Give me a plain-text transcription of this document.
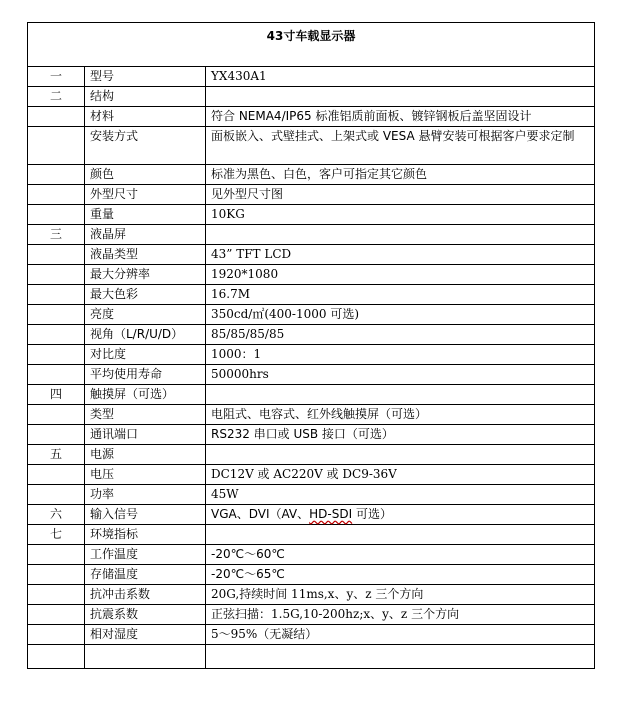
43寸车载显示器		
一	型号	YX430A1
二	结构	
	材料	符合 NEMA4/IP65 标准铝质前面板、镀锌钢板后盖坚固设计
	安装方式	面板嵌入、式壁挂式、上架式或 VESA 悬臂安装可根据客户要求定制
	颜色	标准为黑色、白色，客户可指定其它颜色
	外型尺寸	见外型尺寸图
	重量	10KG
三	液晶屏	
	液晶类型	43” TFT LCD
	最大分辨率	1920*1080
	最大色彩	16.7M
	亮度	350cd/㎡(400-1000 可选)
	视角（L/R/U/D）	85/85/85/85
	对比度	1000：1
	平均使用寿命	50000hrs
四	触摸屏（可选）	
	类型	电阻式、电容式、红外线触摸屏（可选）
	通讯端口	RS232 串口或 USB 接口（可选）
五	电源	
	电压	DC12V 或 AC220V 或 DC9-36V
	功率	45W
六	输入信号	VGA、DVI（AV、HD-SDI 可选）
七	环境指标	
	工作温度	-20℃～60℃
	存储温度	-20℃～65℃
	抗冲击系数	20G,持续时间 11ms,x、y、z 三个方向
	抗震系数	正弦扫描：1.5G,10-200hz;x、y、z 三个方向
	相对湿度	5～95%（无凝结）
